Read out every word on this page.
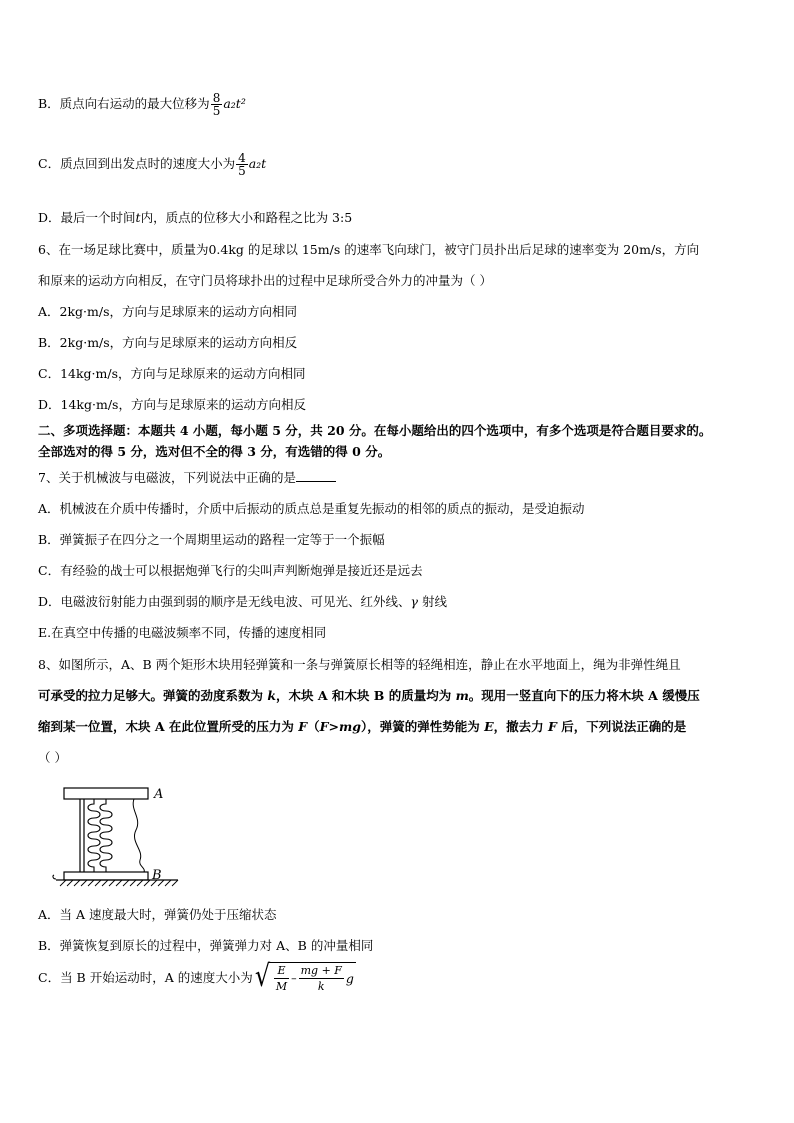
B．质点向右运动的最大位移为 $\frac{8}{5} a_2t^2$
C．质点回到出发点时的速度大小为 $\frac{4}{5} a_2t$
D．最后一个时间t内，质点的位移大小和路程之比为 3:5
6、在一场足球比赛中，质量为0.4kg 的足球以 15m/s 的速率飞向球门，被守门员扑出后足球的速率变为 20m/s，方向
和原来的运动方向相反，在守门员将球扑出的过程中足球所受合外力的冲量为（ ）
A．2kg·m/s，方向与足球原来的运动方向相同
B．2kg·m/s，方向与足球原来的运动方向相反
C．14kg·m/s，方向与足球原来的运动方向相同
D．14kg·m/s，方向与足球原来的运动方向相反
二、多项选择题：本题共 4 小题，每小题 5 分，共 20 分。在每小题给出的四个选项中，有多个选项是符合题目要求的。
全部选对的得 5 分，选对但不全的得 3 分，有选错的得 0 分。
7、关于机械波与电磁波，下列说法中正确的是
A．机械波在介质中传播时，介质中后振动的质点总是重复先振动的相邻的质点的振动，是受迫振动
B．弹簧振子在四分之一个周期里运动的路程一定等于一个振幅
C．有经验的战士可以根据炮弹飞行的尖叫声判断炮弹是接近还是远去
D．电磁波衍射能力由强到弱的顺序是无线电波、可见光、红外线、γ 射线
E.在真空中传播的电磁波频率不同，传播的速度相同
8、如图所示，A、B 两个矩形木块用轻弹簧和一条与弹簧原长相等的轻绳相连，静止在水平地面上，绳为非弹性绳且
可承受的拉力足够大。弹簧的劲度系数为 k，木块 A 和木块 B 的质量均为 m。现用一竖直向下的压力将木块 A 缓慢压
缩到某一位置，木块 A 在此位置所受的压力为 F（F>mg），弹簧的弹性势能为 E，撤去力 F 后，下列说法正确的是
（ ）
A
B
A．当 A 速度最大时，弹簧仍处于压缩状态
B．弹簧恢复到原长的过程中，弹簧弹力对 A、B 的冲量相同
C．当 B 开始运动时，A 的速度大小为 √ $\frac{E}{M} - \frac{mg + F}{k}$ g
